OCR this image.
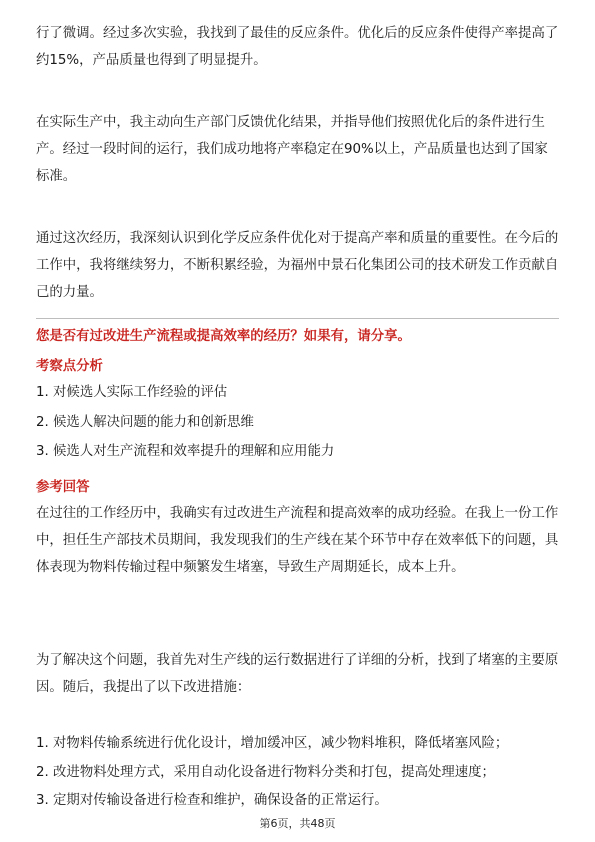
行了微调。经过多次实验，我找到了最佳的反应条件。优化后的反应条件使得产率提高了约15%，产品质量也得到了明显提升。

在实际生产中，我主动向生产部门反馈优化结果，并指导他们按照优化后的条件进行生产。经过一段时间的运行，我们成功地将产率稳定在90%以上，产品质量也达到了国家标准。

通过这次经历，我深刻认识到化学反应条件优化对于提高产率和质量的重要性。在今后的工作中，我将继续努力，不断积累经验，为福州中景石化集团公司的技术研发工作贡献自己的力量。

您是否有过改进生产流程或提高效率的经历？如果有，请分享。
考察点分析
1. 对候选人实际工作经验的评估
2. 候选人解决问题的能力和创新思维
3. 候选人对生产流程和效率提升的理解和应用能力
参考回答

在过往的工作经历中，我确实有过改进生产流程和提高效率的成功经验。在我上一份工作中，担任生产部技术员期间，我发现我们的生产线在某个环节中存在效率低下的问题，具体表现为物料传输过程中频繁发生堵塞，导致生产周期延长，成本上升。

为了解决这个问题，我首先对生产线的运行数据进行了详细的分析，找到了堵塞的主要原因。随后，我提出了以下改进措施：

1. 对物料传输系统进行优化设计，增加缓冲区，减少物料堆积，降低堵塞风险；
2. 改进物料处理方式，采用自动化设备进行物料分类和打包，提高处理速度；
3. 定期对传输设备进行检查和维护，确保设备的正常运行。
第6页，共48页
